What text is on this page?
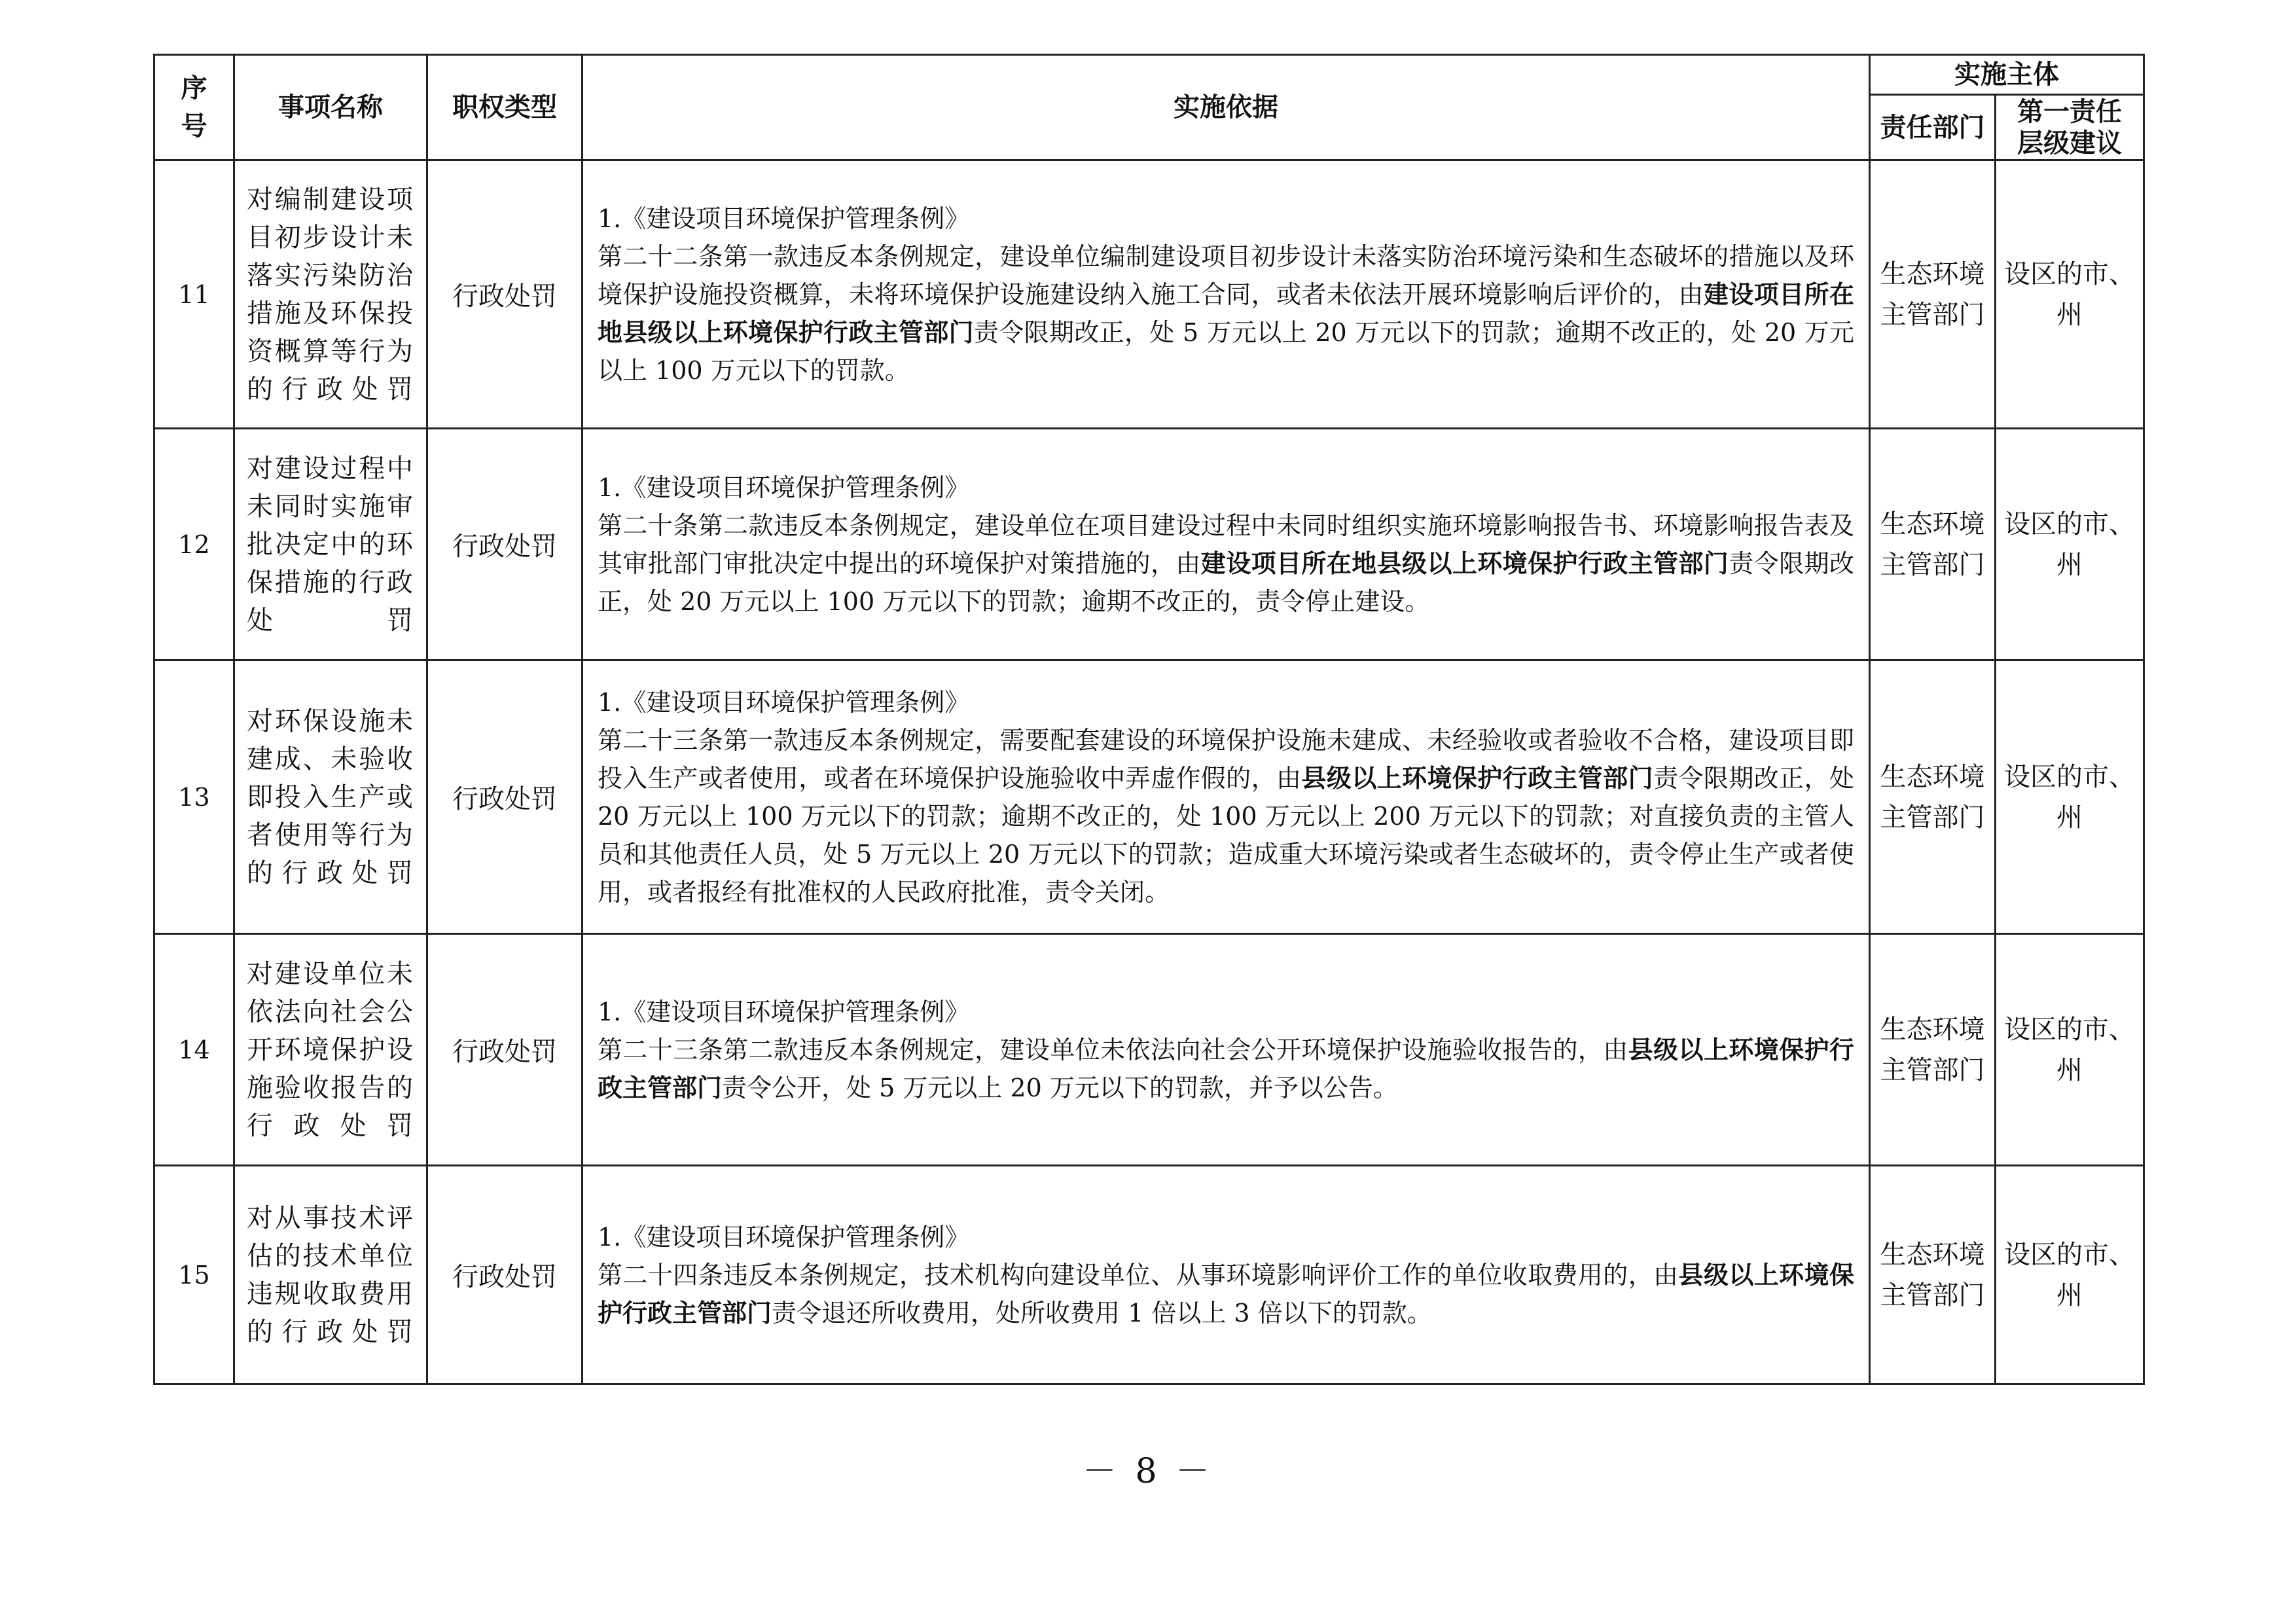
序号	事项名称	职权类型	实施依据	实施主体	
				责任部门	第一责任层级建议

11	对编制建设项目初步设计未落实污染防治措施及环保投资概算等行为的行政处罚	行政处罚	1.《建设项目环境保护管理条例》
第二十二条第一款违反本条例规定，建设单位编制建设项目初步设计未落实防治环境污染和生态破坏的措施以及环境保护设施投资概算，未将环境保护设施建设纳入施工合同，或者未依法开展环境影响后评价的，由建设项目所在地县级以上环境保护行政主管部门责令限期改正，处 5 万元以上 20 万元以下的罚款；逾期不改正的，处 20 万元以上 100 万元以下的罚款。	生态环境主管部门	设区的市、州
12	对建设过程中未同时实施审批决定中的环保措施的行政处罚	行政处罚	1.《建设项目环境保护管理条例》
第二十条第二款违反本条例规定，建设单位在项目建设过程中未同时组织实施环境影响报告书、环境影响报告表及其审批部门审批决定中提出的环境保护对策措施的，由建设项目所在地县级以上环境保护行政主管部门责令限期改正，处 20 万元以上 100 万元以下的罚款；逾期不改正的，责令停止建设。	生态环境主管部门	设区的市、州
13	对环保设施未建成、未验收即投入生产或者使用等行为的行政处罚	行政处罚	1.《建设项目环境保护管理条例》
第二十三条第一款违反本条例规定，需要配套建设的环境保护设施未建成、未经验收或者验收不合格，建设项目即投入生产或者使用，或者在环境保护设施验收中弄虚作假的，由县级以上环境保护行政主管部门责令限期改正，处 20 万元以上 100 万元以下的罚款；逾期不改正的，处 100 万元以上 200 万元以下的罚款；对直接负责的主管人员和其他责任人员，处 5 万元以上 20 万元以下的罚款；造成重大环境污染或者生态破坏的，责令停止生产或者使用，或者报经有批准权的人民政府批准，责令关闭。	生态环境主管部门	设区的市、州
14	对建设单位未依法向社会公开环境保护设施验收报告的行政处罚	行政处罚	1.《建设项目环境保护管理条例》
第二十三条第二款违反本条例规定，建设单位未依法向社会公开环境保护设施验收报告的，由县级以上环境保护行政主管部门责令公开，处 5 万元以上 20 万元以下的罚款，并予以公告。	生态环境主管部门	设区的市、州
15	对从事技术评估的技术单位违规收取费用的行政处罚	行政处罚	1.《建设项目环境保护管理条例》
第二十四条违反本条例规定，技术机构向建设单位、从事环境影响评价工作的单位收取费用的，由县级以上环境保护行政主管部门责令退还所收费用，处所收费用 1 倍以上 3 倍以下的罚款。	生态环境主管部门	设区的市、州
－ 8 －
